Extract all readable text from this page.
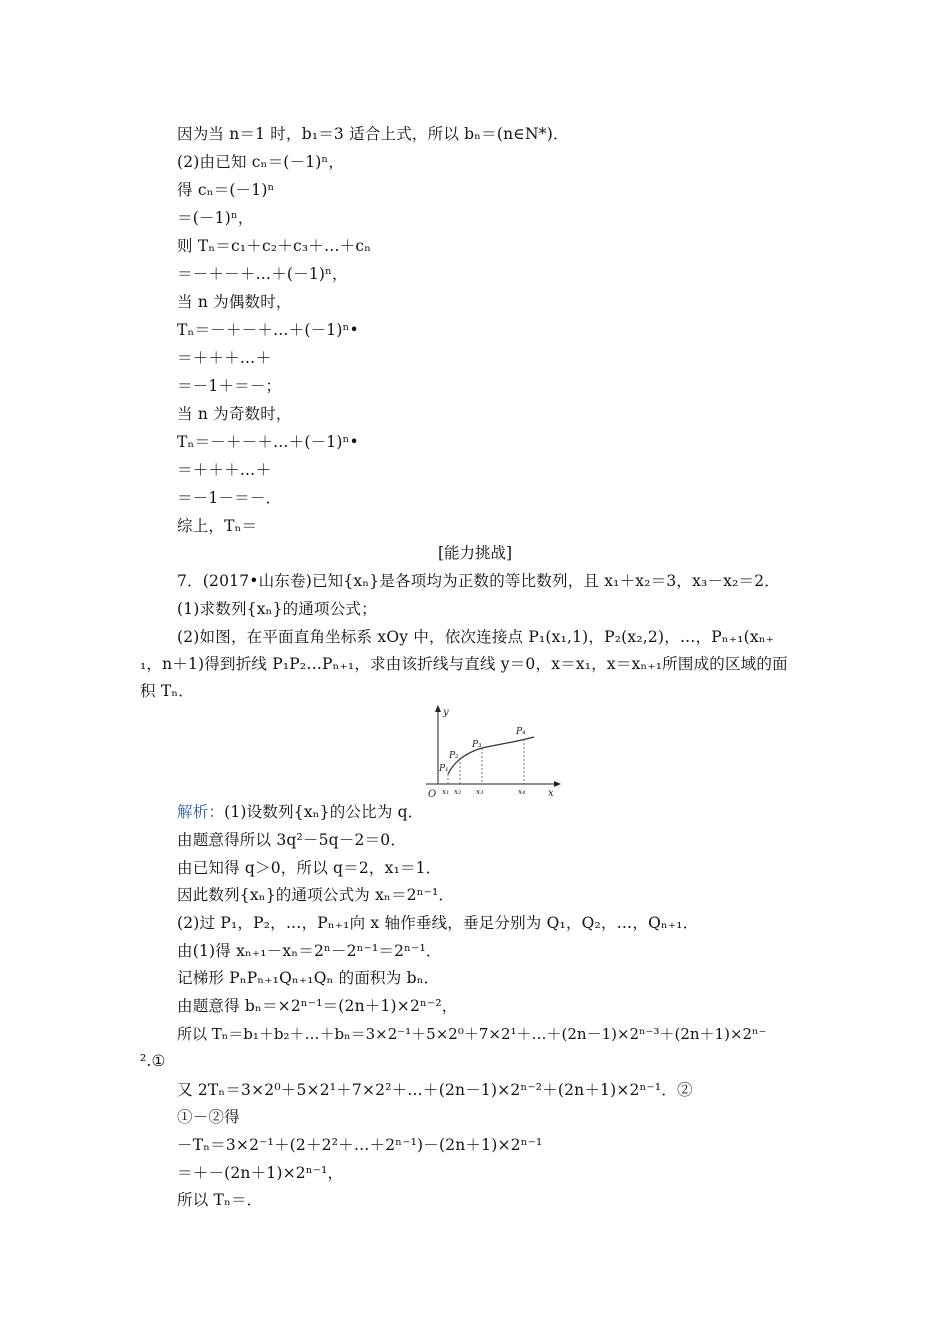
因为当 n＝1 时，b₁＝3 适合上式，所以 bₙ＝(n∈N*)．
(2)由已知 cₙ＝(－1)ⁿ，
得 cₙ＝(－1)ⁿ
＝(－1)ⁿ，
则 Tₙ＝c₁＋c₂＋c₃＋…＋cₙ
＝－＋－＋…＋(－1)ⁿ，
当 n 为偶数时，
Tₙ＝－＋－＋…＋(－1)ⁿ•
＝＋＋＋…＋
＝－1＋＝－；
当 n 为奇数时，
Tₙ＝－＋－＋…＋(－1)ⁿ•
＝＋＋＋…＋
＝－1－＝－．
综上，Tₙ＝
[能力挑战]
7．(2017•山东卷)已知{xₙ}是各项均为正数的等比数列，且 x₁＋x₂＝3，x₃－x₂＝2．
(1)求数列{xₙ}的通项公式；
(2)如图，在平面直角坐标系 xOy 中，依次连接点 P₁(x₁,1)，P₂(x₂,2)，…，Pₙ₊₁(xₙ₊
₁，n＋1)得到折线 P₁P₂…Pₙ₊₁，求由该折线与直线 y＝0，x＝x₁，x＝xₙ₊₁所围成的区域的面
积 Tₙ．
y
x
O
P₁
P₂
P₃
P₄
x₁ x₂ x₃	x₄
解析：(1)设数列{xₙ}的公比为 q．
由题意得所以 3q²－5q－2＝0．
由已知得 q＞0，所以 q＝2，x₁＝1．
因此数列{xₙ}的通项公式为 xₙ＝2ⁿ⁻¹．
(2)过 P₁，P₂，…，Pₙ₊₁向 x 轴作垂线，垂足分别为 Q₁，Q₂，…，Qₙ₊₁．
由(1)得 xₙ₊₁－xₙ＝2ⁿ－2ⁿ⁻¹＝2ⁿ⁻¹．
记梯形 PₙPₙ₊₁Qₙ₊₁Qₙ 的面积为 bₙ．
由题意得 bₙ＝×2ⁿ⁻¹＝(2n＋1)×2ⁿ⁻²，
所以 Tₙ＝b₁＋b₂＋…＋bₙ＝3×2⁻¹＋5×2⁰＋7×2¹＋…＋(2n－1)×2ⁿ⁻³＋(2n＋1)×2ⁿ⁻
².①
又 2Tₙ＝3×2⁰＋5×2¹＋7×2²＋…＋(2n－1)×2ⁿ⁻²＋(2n＋1)×2ⁿ⁻¹．②
①－②得
－Tₙ＝3×2⁻¹＋(2＋2²＋…＋2ⁿ⁻¹)－(2n＋1)×2ⁿ⁻¹
＝＋－(2n＋1)×2ⁿ⁻¹，
所以 Tₙ＝．
